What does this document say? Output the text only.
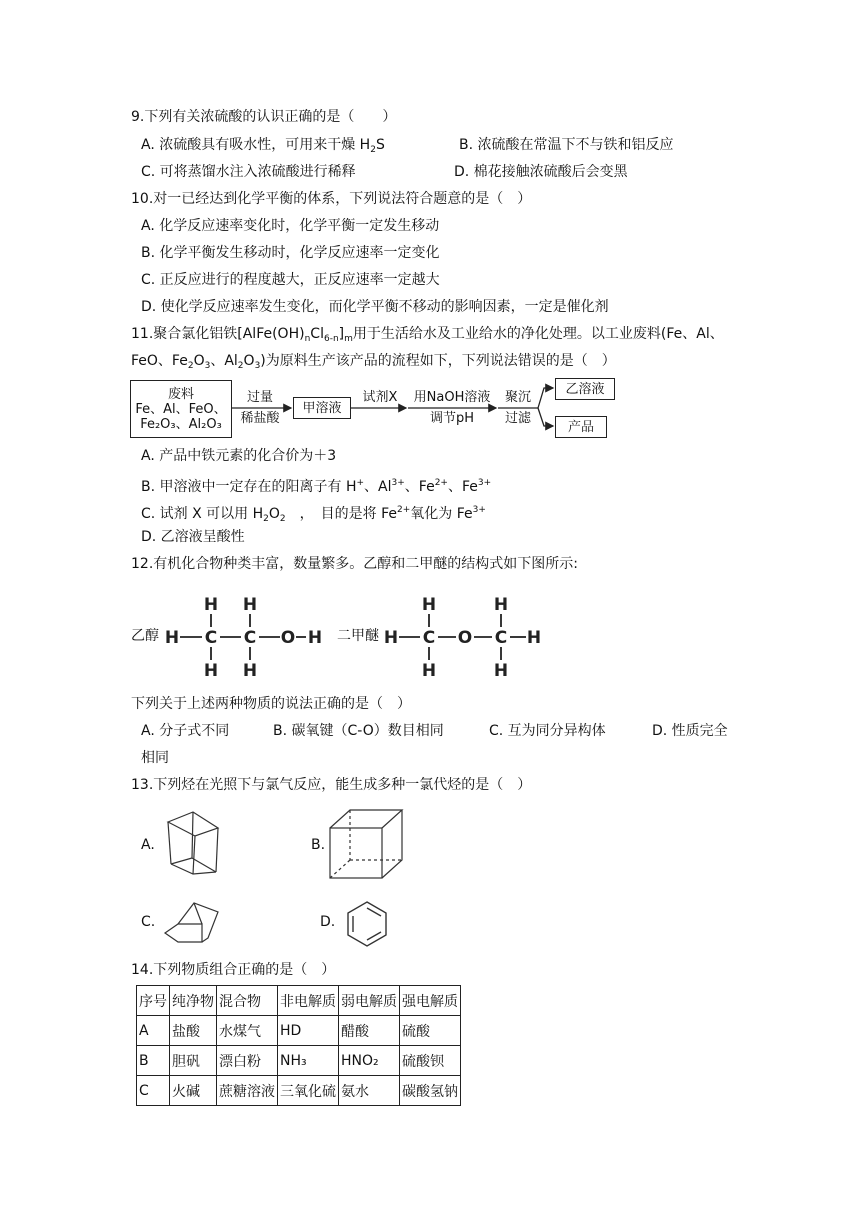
9.下列有关浓硫酸的认识正确的是（　　）
A. 浓硫酸具有吸水性，可用来干燥 $H_2S$	B. 浓硫酸在常温下不与铁和铝反应
C. 可将蒸馏水注入浓硫酸进行稀释	D. 棉花接触浓硫酸后会变黑
10.对一已经达到化学平衡的体系，下列说法符合题意的是（　）
A. 化学反应速率变化时，化学平衡一定发生移动
B. 化学平衡发生移动时，化学反应速率一定变化
C. 正反应进行的程度越大，正反应速率一定越大
D. 使化学反应速率发生变化，而化学平衡不移动的影响因素，一定是催化剂
11.聚合氯化铝铁$[AlFe(OH)_nCl_{6-n}]_m$用于生活给水及工业给水的净化处理。以工业废料(Fe、Al、
FeO、$Fe_2O_3$、$Al_2O_3$)为原料生产该产品的流程如下，下列说法错误的是（　）
废料
Fe、Al、FeO、
Fe₂O₃、Al₂O₃
过量
稀盐酸
甲溶液
试剂X	用NaOH溶液
调节pH
聚沉
过滤
乙溶液
产品
A. 产品中铁元素的化合价为＋3
B. 甲溶液中一定存在的阳离子有 H+、$Al^{3+}$、$Fe^{2+}$、$Fe^{3+}$
C. 试剂 X 可以用 $H_2O_2$　，　目的是将 $Fe^{2+}$氧化为 $Fe^{3+}$
D. 乙溶液呈酸性
12.有机化合物种类丰富，数量繁多。乙醇和二甲醚的结构式如下图所示:
乙醇	二甲醚
H C C O H
H H
H H
H C O C H
H	H
H	H
下列关于上述两种物质的说法正确的是（　）
A. 分子式不同	B. 碳氧键（C-O）数目相同	C. 互为同分异构体	D. 性质完全
相同
13.下列烃在光照下与氯气反应，能生成多种一氯代烃的是（　）
A.	B.
C.	D.
14.下列物质组合正确的是（　）
序号	纯净物	混合物	非电解质	弱电解质	强电解质
A	盐酸	水煤气	HD	醋酸	硫酸
B	胆矾	漂白粉	NH₃	HNO₂	硫酸钡
C	火碱	蔗糖溶液	三氧化硫	氨水	碳酸氢钠
